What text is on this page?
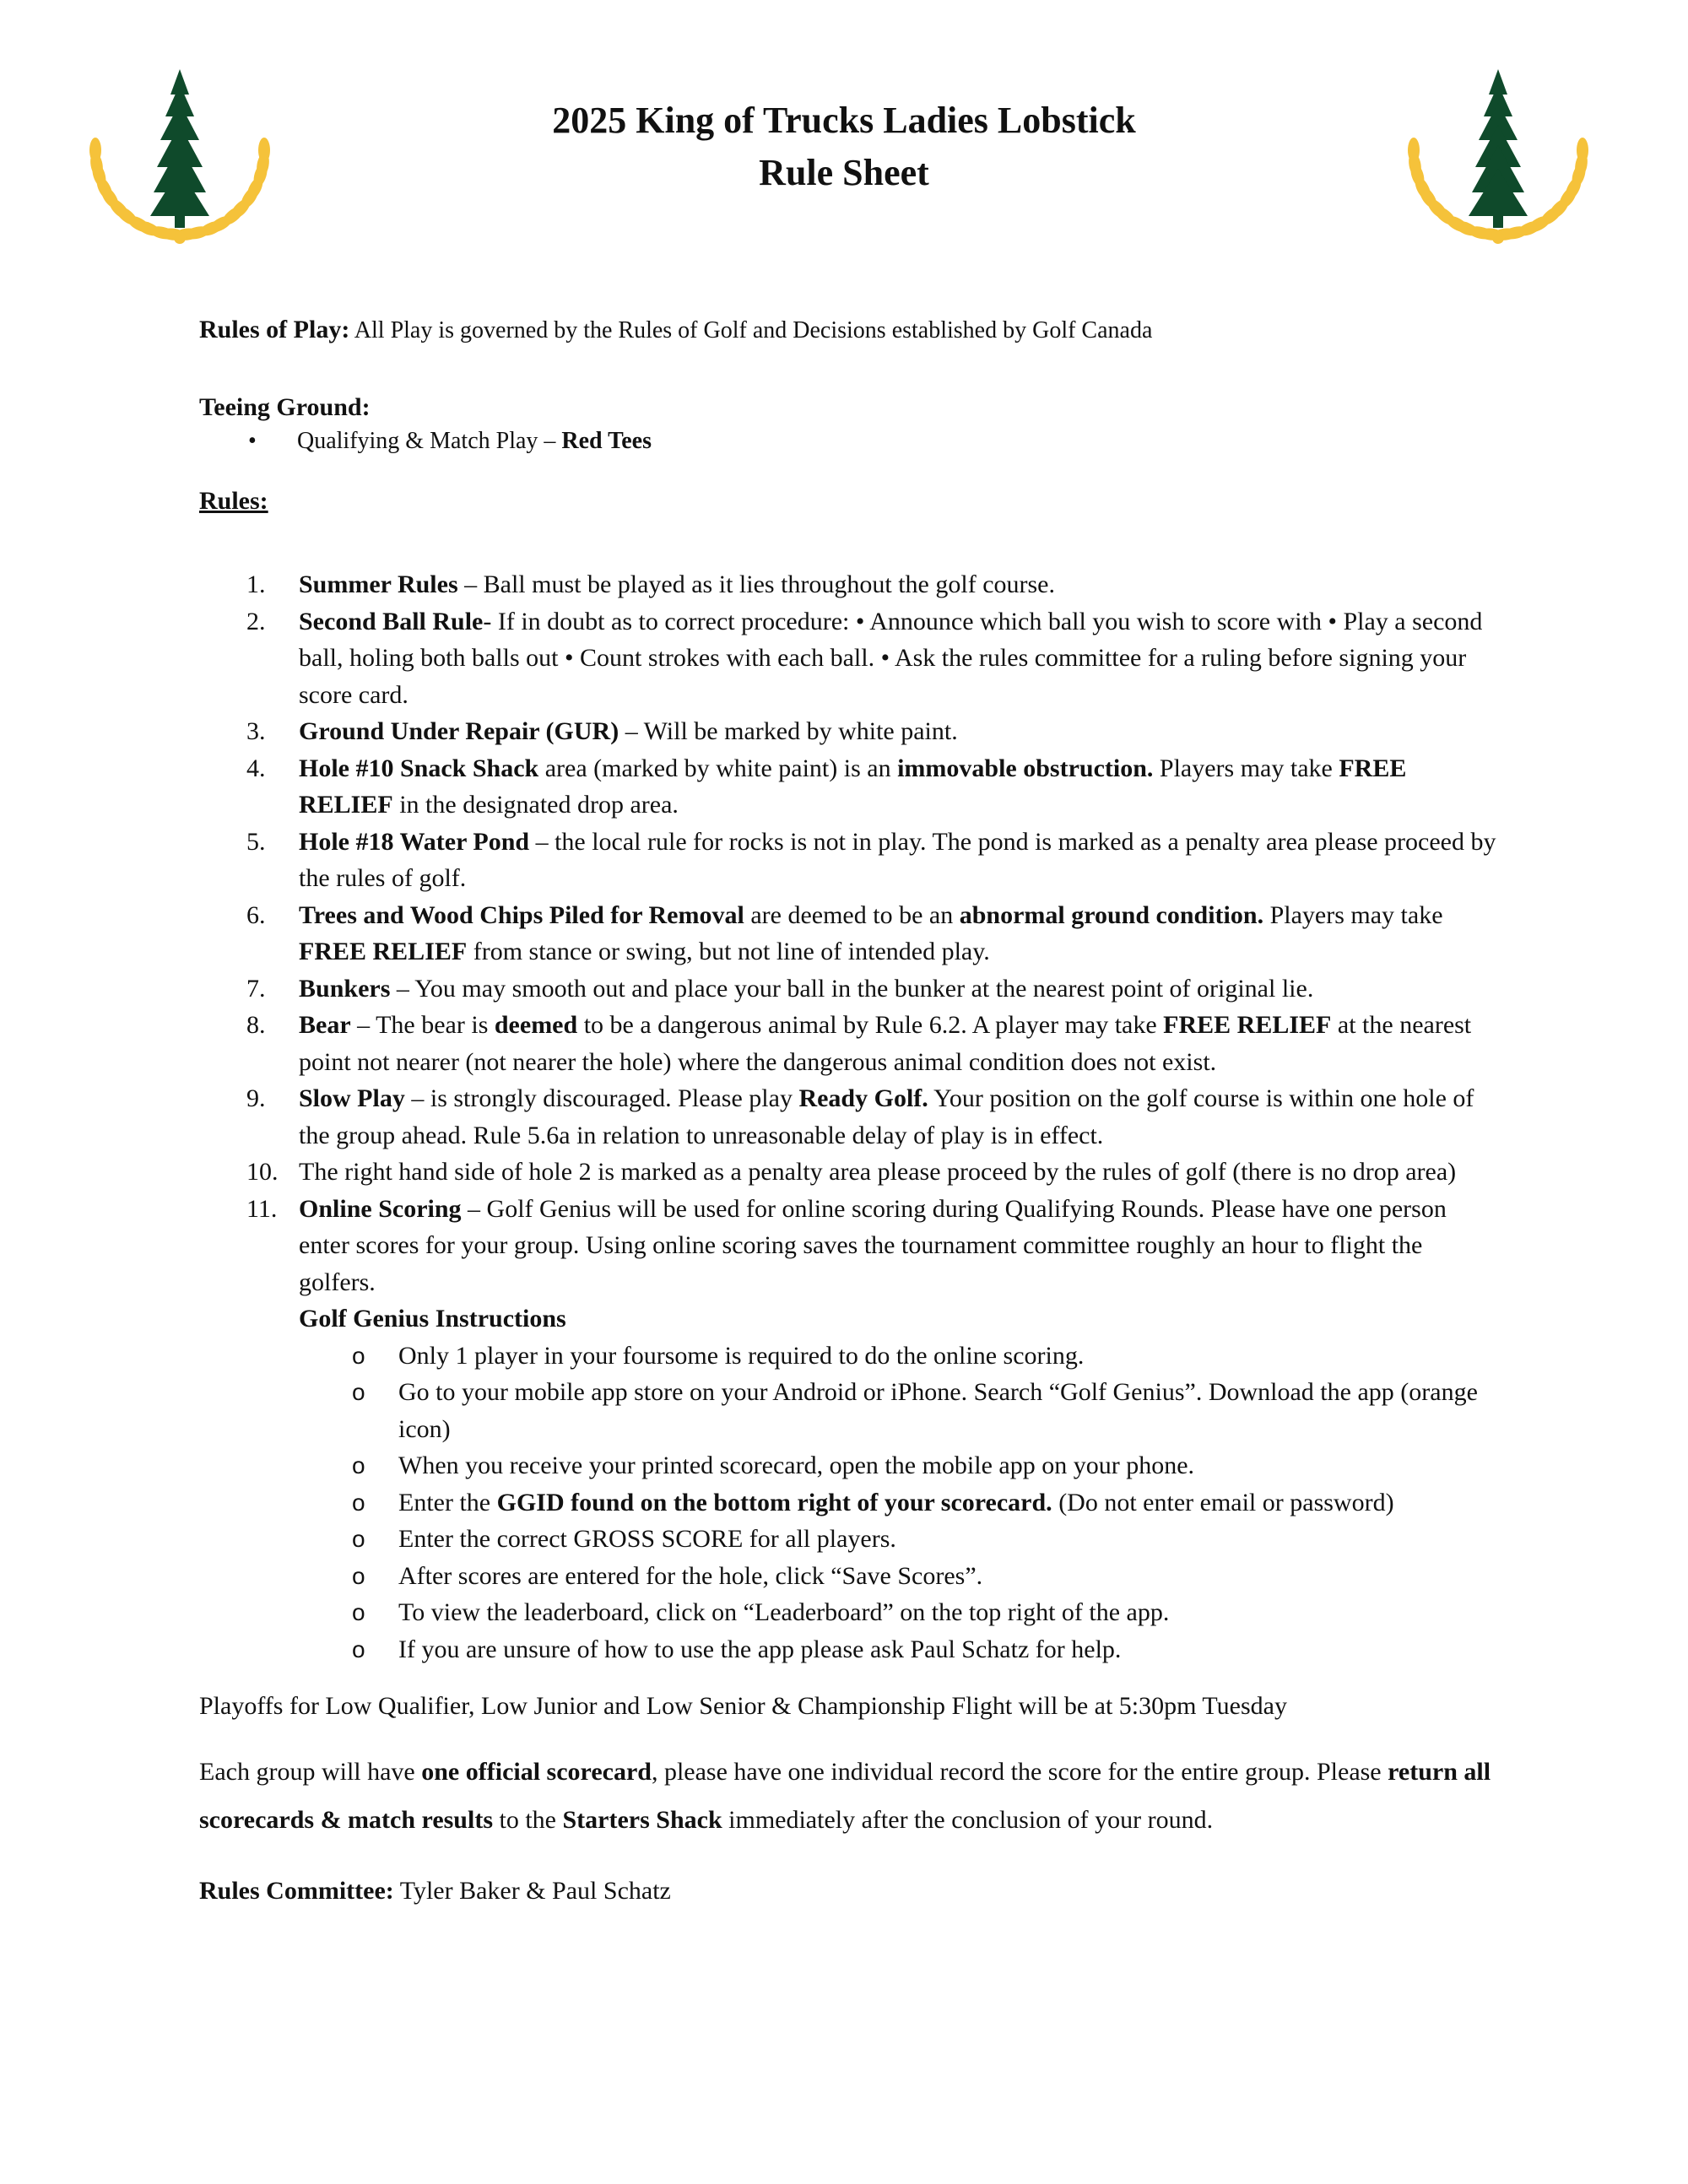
2025 King of Trucks Ladies Lobstick
Rule Sheet

Rules of Play: All Play is governed by the Rules of Golf and Decisions established by Golf Canada

Teeing Ground:

• Qualifying & Match Play – Red Tees

Rules:

1. Summer Rules – Ball must be played as it lies throughout the golf course.
2. Second Ball Rule- If in doubt as to correct procedure: • Announce which ball you wish to score with • Play a second ball, holing both balls out • Count strokes with each ball. • Ask the rules committee for a ruling before signing your score card.
3. Ground Under Repair (GUR) – Will be marked by white paint.
4. Hole #10 Snack Shack area (marked by white paint) is an immovable obstruction. Players may take FREE RELIEF in the designated drop area.
5. Hole #18 Water Pond – the local rule for rocks is not in play. The pond is marked as a penalty area please proceed by the rules of golf.
6. Trees and Wood Chips Piled for Removal are deemed to be an abnormal ground condition. Players may take FREE RELIEF from stance or swing, but not line of intended play.
7. Bunkers – You may smooth out and place your ball in the bunker at the nearest point of original lie.
8. Bear – The bear is deemed to be a dangerous animal by Rule 6.2. A player may take FREE RELIEF at the nearest point not nearer (not nearer the hole) where the dangerous animal condition does not exist.
9. Slow Play – is strongly discouraged. Please play Ready Golf. Your position on the golf course is within one hole of the group ahead. Rule 5.6a in relation to unreasonable delay of play is in effect.
10. The right hand side of hole 2 is marked as a penalty area please proceed by the rules of golf (there is no drop area)
11. Online Scoring – Golf Genius will be used for online scoring during Qualifying Rounds. Please have one person enter scores for your group. Using online scoring saves the tournament committee roughly an hour to flight the golfers.
Golf Genius Instructions
o Only 1 player in your foursome is required to do the online scoring.
o Go to your mobile app store on your Android or iPhone. Search “Golf Genius”. Download the app (orange icon)
o When you receive your printed scorecard, open the mobile app on your phone.
o Enter the GGID found on the bottom right of your scorecard. (Do not enter email or password)
o Enter the correct GROSS SCORE for all players.
o After scores are entered for the hole, click “Save Scores”.
o To view the leaderboard, click on “Leaderboard” on the top right of the app.
o If you are unsure of how to use the app please ask Paul Schatz for help.

Playoffs for Low Qualifier, Low Junior and Low Senior & Championship Flight will be at 5:30pm Tuesday

Each group will have one official scorecard, please have one individual record the score for the entire group. Please return all scorecards & match results to the Starters Shack immediately after the conclusion of your round.

Rules Committee: Tyler Baker & Paul Schatz
